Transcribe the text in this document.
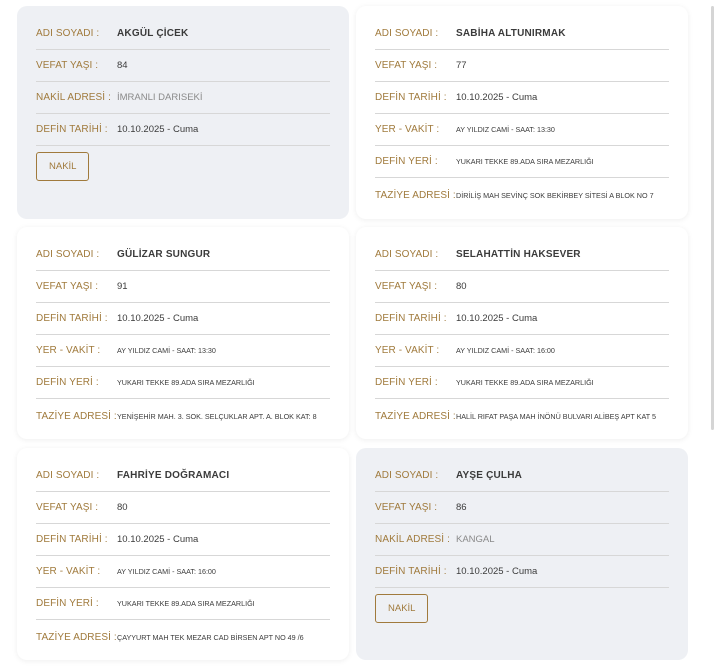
ADI SOYADI :	AKGÜL ÇİCEK
VEFAT YAŞI :	84
NAKİL ADRESİ : İMRANLI DARISEKİ
DEFİN TARİHİ : 10.10.2025 - Cuma
NAKİL
ADI SOYADI :	SABİHA ALTUNIRMAK
VEFAT YAŞI :	77
DEFİN TARİHİ : 10.10.2025 - Cuma
YER - VAKİT :	AY YILDIZ CAMİ - SAAT: 13:30
DEFİN YERİ :	YUKARI TEKKE 89.ADA SIRA MEZARLIĞI
TAZİYE ADRESİ : DİRİLİŞ MAH SEVİNÇ SOK BEKİRBEY SİTESİ A BLOK NO 7
ADI SOYADI :	GÜLİZAR SUNGUR
VEFAT YAŞI :	91
DEFİN TARİHİ : 10.10.2025 - Cuma
YER - VAKİT :	AY YILDIZ CAMİ - SAAT: 13:30
DEFİN YERİ :	YUKARI TEKKE 89.ADA SIRA MEZARLIĞI
TAZİYE ADRESİ : YENİŞEHİR MAH. 3. SOK. SELÇUKLAR APT. A. BLOK KAT: 8
ADI SOYADI :	SELAHATTİN HAKSEVER
VEFAT YAŞI :	80
DEFİN TARİHİ : 10.10.2025 - Cuma
YER - VAKİT :	AY YILDIZ CAMİ - SAAT: 16:00
DEFİN YERİ :	YUKARI TEKKE 89.ADA SIRA MEZARLIĞI
TAZİYE ADRESİ : HALİL RIFAT PAŞA MAH İNÖNÜ BULVARI ALİBEŞ APT KAT 5
ADI SOYADI :	FAHRİYE DOĞRAMACI
VEFAT YAŞI :	80
DEFİN TARİHİ : 10.10.2025 - Cuma
YER - VAKİT :	AY YILDIZ CAMİ - SAAT: 16:00
DEFİN YERİ :	YUKARI TEKKE 89.ADA SIRA MEZARLIĞI
TAZİYE ADRESİ : ÇAYYURT MAH TEK MEZAR CAD BİRSEN APT NO 49 /6
ADI SOYADI :	AYŞE ÇULHA
VEFAT YAŞI :	86
NAKİL ADRESİ : KANGAL
DEFİN TARİHİ : 10.10.2025 - Cuma
NAKİL
